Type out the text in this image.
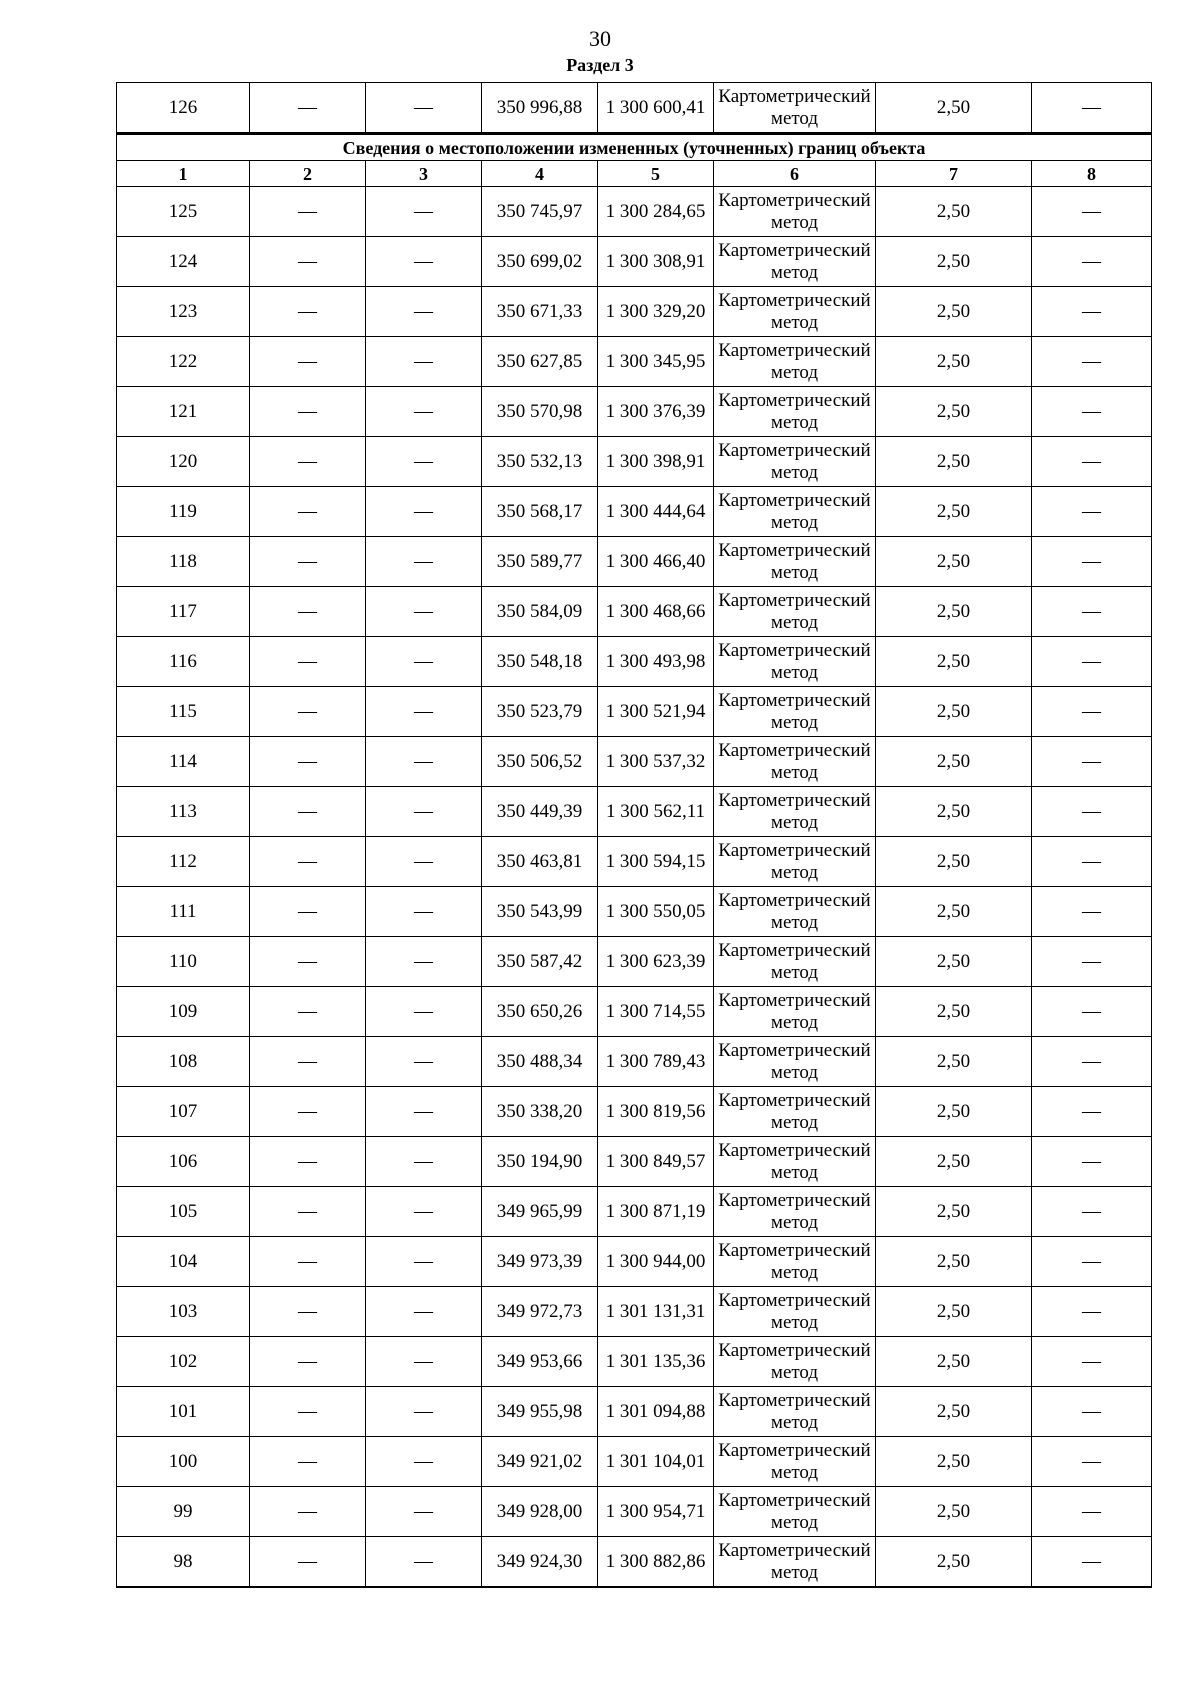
30
Раздел 3
126	—	—	350 996,88	1 300 600,41	Картометрический метод	2,50	—
Сведения о местоположении измененных (уточненных) границ объекта							
1	2	3	4	5	6	7	8
125	—	—	350 745,97	1 300 284,65	Картометрический метод	2,50	—
124	—	—	350 699,02	1 300 308,91	Картометрический метод	2,50	—
123	—	—	350 671,33	1 300 329,20	Картометрический метод	2,50	—
122	—	—	350 627,85	1 300 345,95	Картометрический метод	2,50	—
121	—	—	350 570,98	1 300 376,39	Картометрический метод	2,50	—
120	—	—	350 532,13	1 300 398,91	Картометрический метод	2,50	—
119	—	—	350 568,17	1 300 444,64	Картометрический метод	2,50	—
118	—	—	350 589,77	1 300 466,40	Картометрический метод	2,50	—
117	—	—	350 584,09	1 300 468,66	Картометрический метод	2,50	—
116	—	—	350 548,18	1 300 493,98	Картометрический метод	2,50	—
115	—	—	350 523,79	1 300 521,94	Картометрический метод	2,50	—
114	—	—	350 506,52	1 300 537,32	Картометрический метод	2,50	—
113	—	—	350 449,39	1 300 562,11	Картометрический метод	2,50	—
112	—	—	350 463,81	1 300 594,15	Картометрический метод	2,50	—
111	—	—	350 543,99	1 300 550,05	Картометрический метод	2,50	—
110	—	—	350 587,42	1 300 623,39	Картометрический метод	2,50	—
109	—	—	350 650,26	1 300 714,55	Картометрический метод	2,50	—
108	—	—	350 488,34	1 300 789,43	Картометрический метод	2,50	—
107	—	—	350 338,20	1 300 819,56	Картометрический метод	2,50	—
106	—	—	350 194,90	1 300 849,57	Картометрический метод	2,50	—
105	—	—	349 965,99	1 300 871,19	Картометрический метод	2,50	—
104	—	—	349 973,39	1 300 944,00	Картометрический метод	2,50	—
103	—	—	349 972,73	1 301 131,31	Картометрический метод	2,50	—
102	—	—	349 953,66	1 301 135,36	Картометрический метод	2,50	—
101	—	—	349 955,98	1 301 094,88	Картометрический метод	2,50	—
100	—	—	349 921,02	1 301 104,01	Картометрический метод	2,50	—
99	—	—	349 928,00	1 300 954,71	Картометрический метод	2,50	—
98	—	—	349 924,30	1 300 882,86	Картометрический метод	2,50	—
